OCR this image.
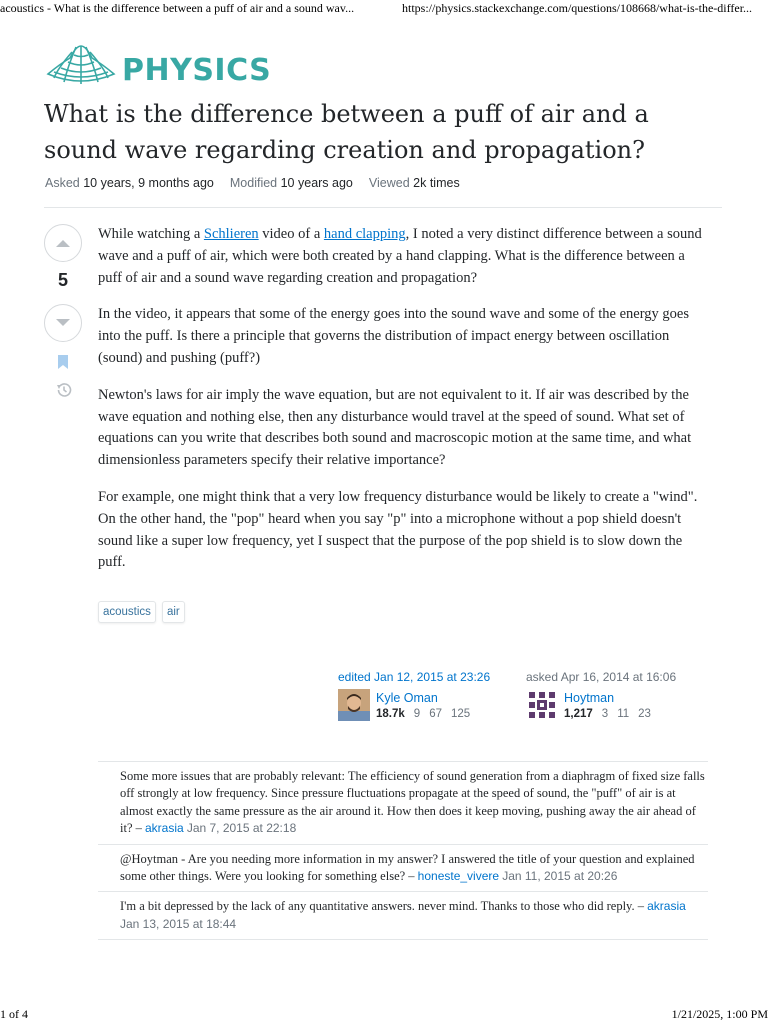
acoustics - What is the difference between a puff of air and a sound wav...	https://physics.stackexchange.com/questions/108668/what-is-the-differ...
PHYSICS
What is the difference between a puff of air and a sound wave regarding creation and propagation?
Asked 10 years, 9 months ago Modified 10 years ago Viewed 2k times
5

While watching a Schlieren video of a hand clapping, I noted a very distinct difference between a sound wave and a puff of air, which were both created by a hand clapping. What is the difference between a puff of air and a sound wave regarding creation and propagation?

In the video, it appears that some of the energy goes into the sound wave and some of the energy goes into the puff. Is there a principle that governs the distribution of impact energy between oscillation (sound) and pushing (puff?)

Newton's laws for air imply the wave equation, but are not equivalent to it. If air was described by the wave equation and nothing else, then any disturbance would travel at the speed of sound. What set of equations can you write that describes both sound and macroscopic motion at the same time, and what dimensionless parameters specify their relative importance?

For example, one might think that a very low frequency disturbance would be likely to create a "wind". On the other hand, the "pop" heard when you say "p" into a microphone without a pop shield doesn't sound like a super low frequency, yet I suspect that the purpose of the pop shield is to slow down the puff.

acoustics	air
edited Jan 12, 2015 at 23:26
Kyle Oman
18.7k 9 67 125
asked Apr 16, 2014 at 16:06
Hoytman
1,217 3 11 23
Some more issues that are probably relevant: The efficiency of sound generation from a diaphragm of fixed size falls off strongly at low frequency. Since pressure fluctuations propagate at the speed of sound, the "puff" of air is at almost exactly the same pressure as the air around it. How then does it keep moving, pushing away the air ahead of it? – akrasia Jan 7, 2015 at 22:18
@Hoytman - Are you needing more information in my answer? I answered the title of your question and explained some other things. Were you looking for something else? – honeste_vivere Jan 11, 2015 at 20:26
I'm a bit depressed by the lack of any quantitative answers. never mind. Thanks to those who did reply. – akrasia Jan 13, 2015 at 18:44
1 of 4	1/21/2025, 1:00 PM
